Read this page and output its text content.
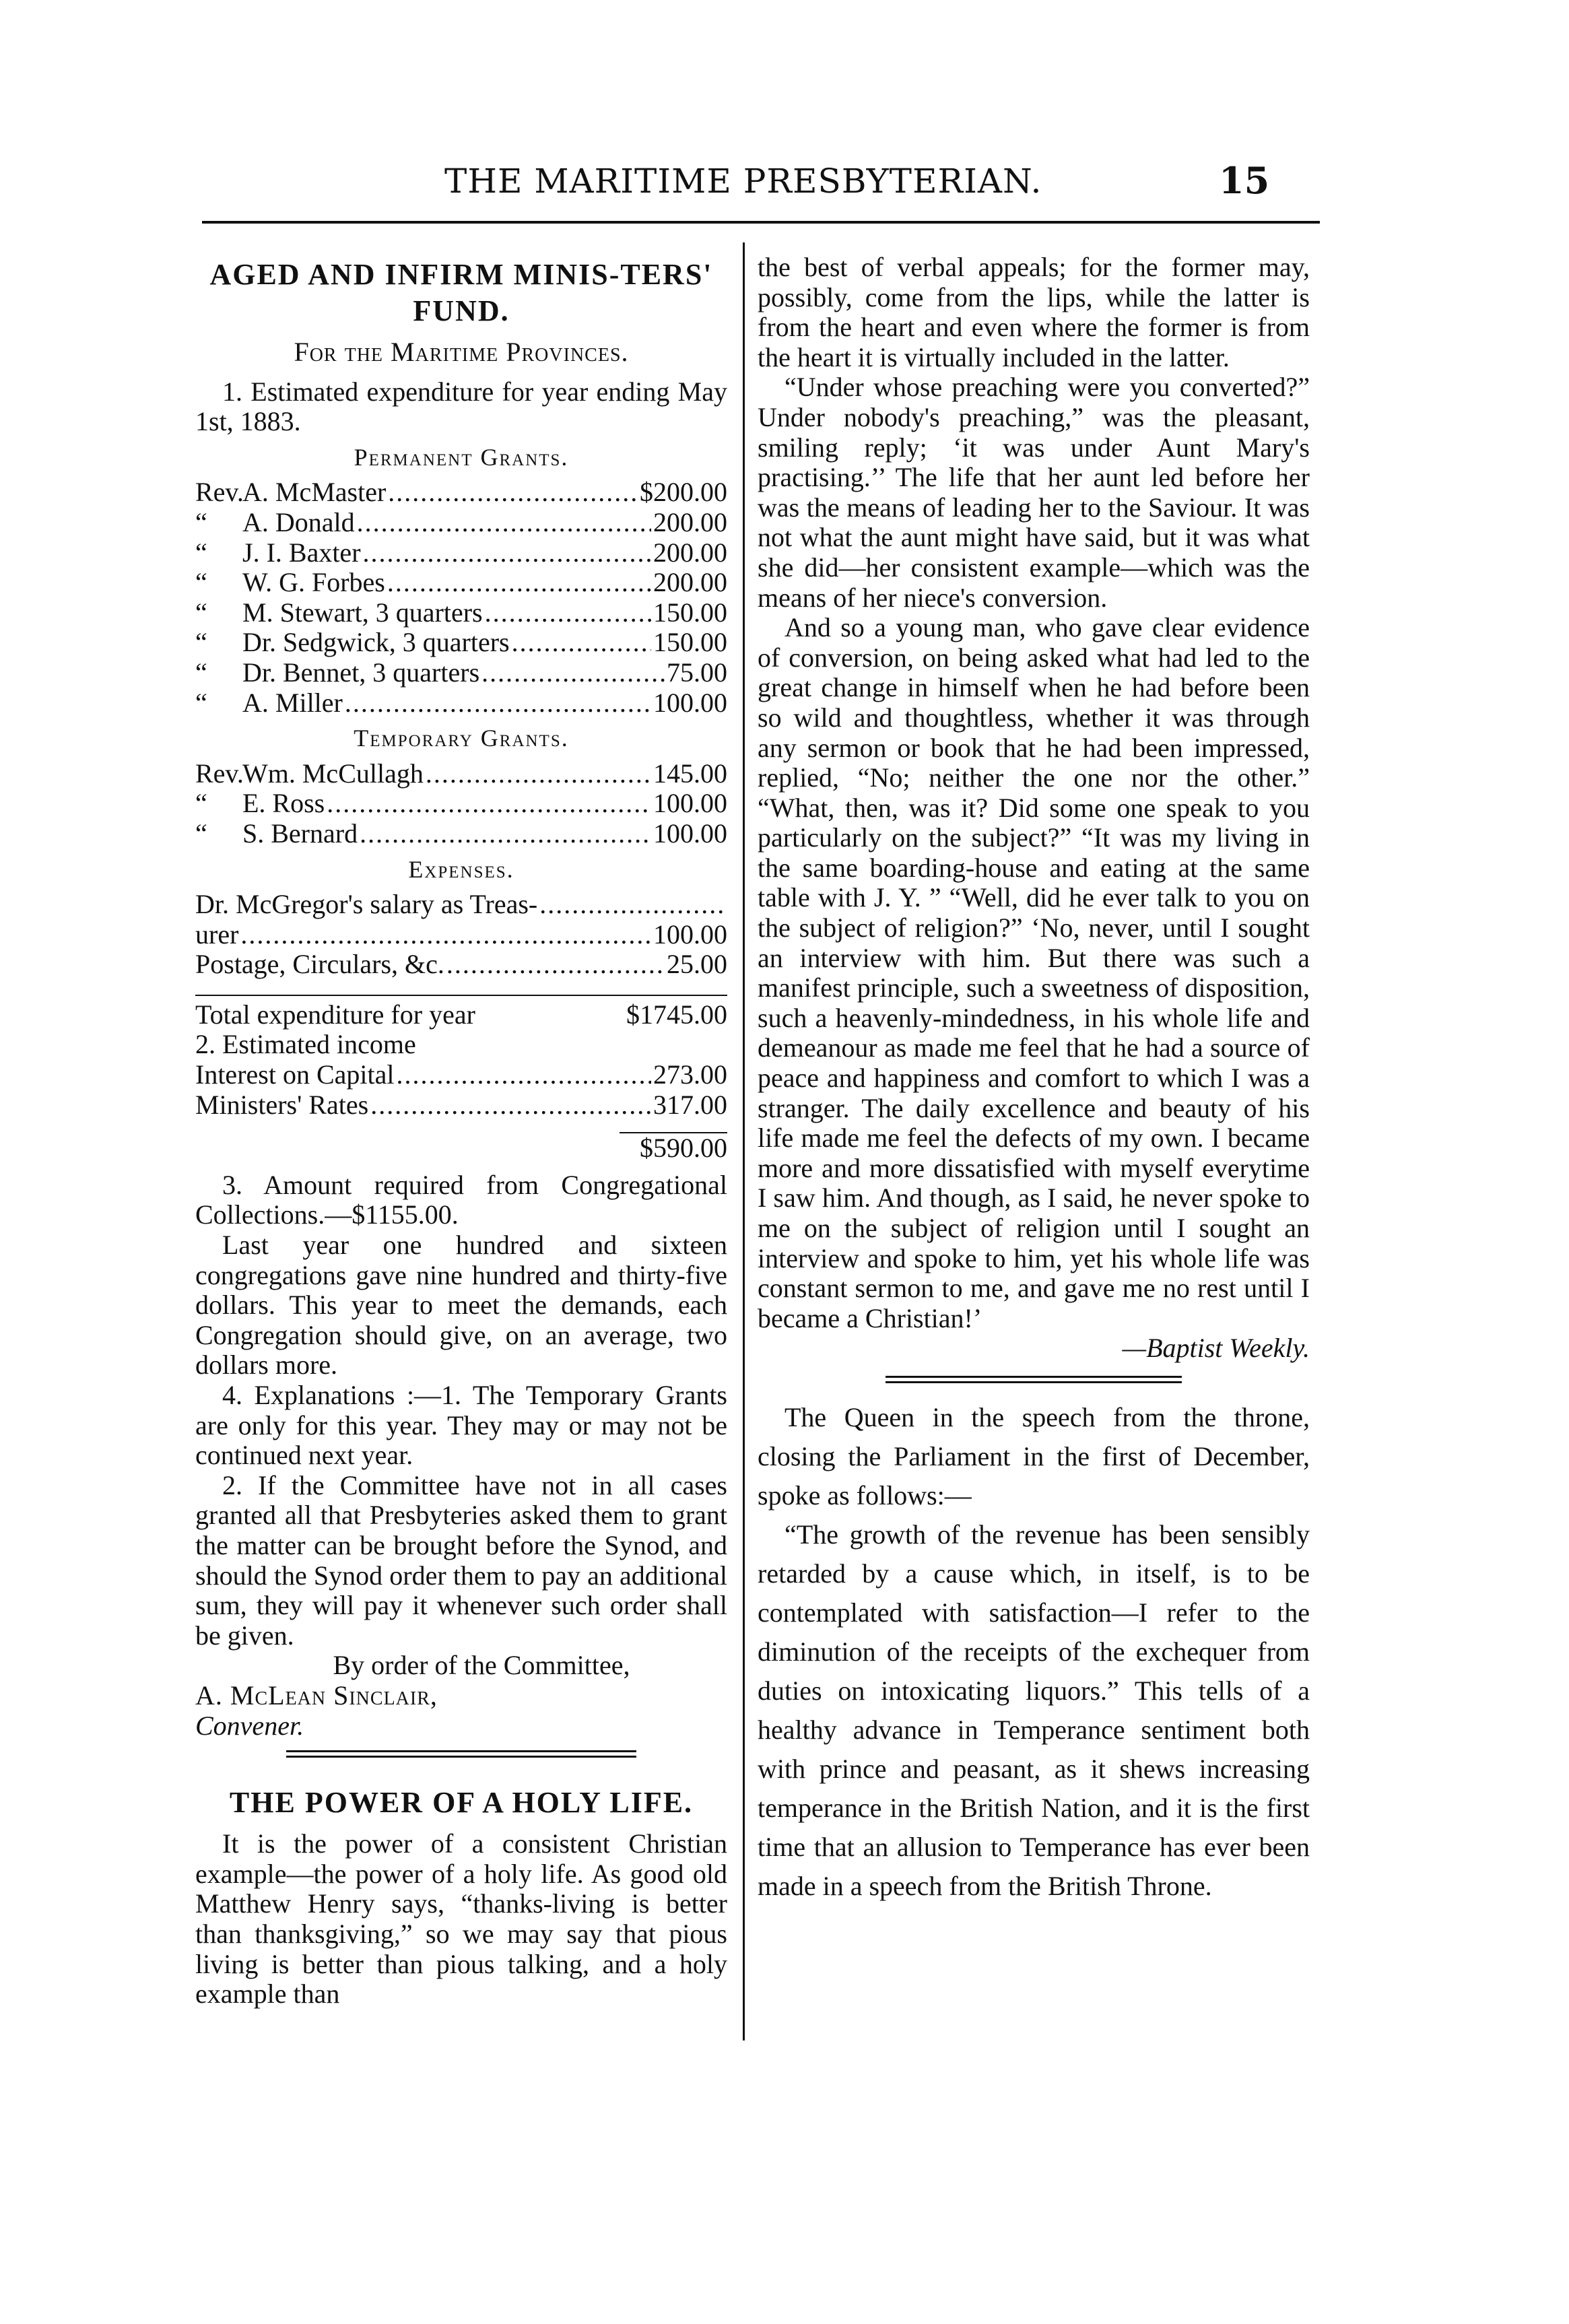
THE MARITIME PRESBYTERIAN.	15
AGED AND INFIRM MINIS-TERS' FUND.

For the Maritime Provinces.

1. Estimated expenditure for year ending May 1st, 1883.

Permanent Grants.
Rev.A. McMaster .....	$200.00
“ A. Donald .....	200.00
“ J. I. Baxter .....	200.00
“ W. G. Forbes .....	200.00
“ M. Stewart, 3 quarters .....	150.00
“ Dr. Sedgwick, 3 quarters .....	150.00
“ Dr. Bennet, 3 quarters .....	75.00
“ A. Miller .....	100.00
Temporary Grants.
Rev.Wm. McCullagh .....	145.00
“ E. Ross .....	100.00
“ S. Bernard .....	100.00
Expenses.
Dr. McGregor's salary as Treas-
.....
urer .....	100.00
Postage, Circulars, &c. .....	25.00
Total expenditure for year	$1745.00

2. Estimated income

Interest on Capital .....	273.00
Ministers' Rates .....	317.00
$590.00

3. Amount required from Congregational Collections.—$1155.00.

Last year one hundred and sixteen congregations gave nine hundred and thirty-five dollars. This year to meet the demands, each Congregation should give, on an average, two dollars more.

4. Explanations :—1. The Temporary Grants are only for this year. They may or may not be continued next year.

2. If the Committee have not in all cases granted all that Presbyteries asked them to grant the matter can be brought before the Synod, and should the Synod order them to pay an additional sum, they will pay it whenever such order shall be given.

By order of the Committee,

A. McLean Sinclair,

Convener.

THE POWER OF A HOLY LIFE.

It is the power of a consistent Christian example—the power of a holy life. As good old Matthew Henry says, “thanks-living is better than thanksgiving,” so we may say that pious living is better than pious talking, and a holy example than

the best of verbal appeals; for the former may, possibly, come from the lips, while the latter is from the heart and even where the former is from the heart it is virtually included in the latter.

“Under whose preaching were you converted?” Under nobody's preaching,” was the pleasant, smiling reply; ‘it was under Aunt Mary's practising.’’ The life that her aunt led before her was the means of leading her to the Saviour. It was not what the aunt might have said, but it was what she did—her consistent example—which was the means of her niece's conversion.

And so a young man, who gave clear evidence of conversion, on being asked what had led to the great change in himself when he had before been so wild and thoughtless, whether it was through any sermon or book that he had been impressed, replied, “No; neither the one nor the other.” “What, then, was it? Did some one speak to you particularly on the subject?” “It was my living in the same boarding-house and eating at the same table with J. Y. ” “Well, did he ever talk to you on the subject of religion?” ‘No, never, until I sought an interview with him. But there was such a manifest principle, such a sweetness of disposition, such a heavenly-mindedness, in his whole life and demeanour as made me feel that he had a source of peace and happiness and comfort to which I was a stranger. The daily excellence and beauty of his life made me feel the defects of my own. I became more and more dissatisfied with myself everytime I saw him. And though, as I said, he never spoke to me on the subject of religion until I sought an interview and spoke to him, yet his whole life was constant sermon to me, and gave me no rest until I became a Christian!’

—Baptist Weekly.

The Queen in the speech from the throne, closing the Parliament in the first of December, spoke as follows:—

“The growth of the revenue has been sensibly retarded by a cause which, in itself, is to be contemplated with satisfaction—I refer to the diminution of the receipts of the exchequer from duties on intoxicating liquors.” This tells of a healthy advance in Temperance sentiment both with prince and peasant, as it shews increasing temperance in the British Nation, and it is the first time that an allusion to Temperance has ever been made in a speech from the British Throne.
